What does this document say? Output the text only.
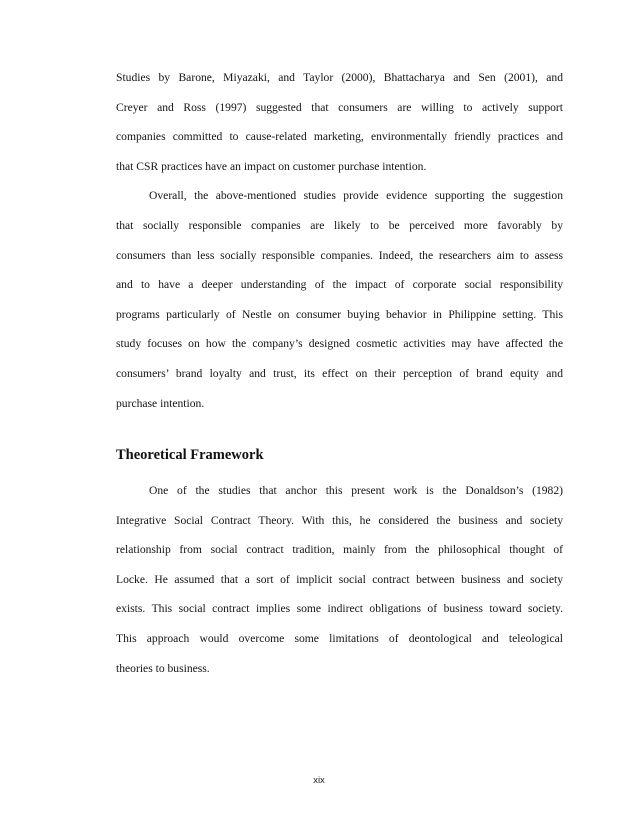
Studies by Barone, Miyazaki, and Taylor (2000), Bhattacharya and Sen (2001), and
Creyer and Ross (1997) suggested that consumers are willing to actively support
companies committed to cause-related marketing, environmentally friendly practices and
that CSR practices have an impact on customer purchase intention.
Overall, the above-mentioned studies provide evidence supporting the suggestion
that socially responsible companies are likely to be perceived more favorably by
consumers than less socially responsible companies. Indeed, the researchers aim to assess
and to have a deeper understanding of the impact of corporate social responsibility
programs particularly of Nestle on consumer buying behavior in Philippine setting. This
study focuses on how the company’s designed cosmetic activities may have affected the
consumers’ brand loyalty and trust, its effect on their perception of brand equity and
purchase intention.
Theoretical Framework
One of the studies that anchor this present work is the Donaldson’s (1982)
Integrative Social Contract Theory. With this, he considered the business and society
relationship from social contract tradition, mainly from the philosophical thought of
Locke. He assumed that a sort of implicit social contract between business and society
exists. This social contract implies some indirect obligations of business toward society.
This approach would overcome some limitations of deontological and teleological
theories to business.
xix
